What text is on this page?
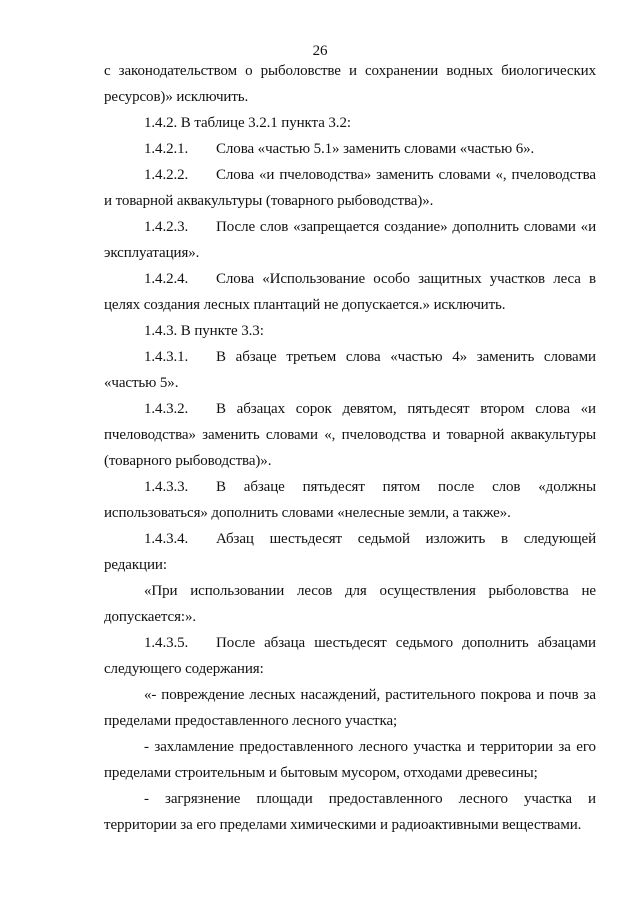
26
с законодательством о рыболовстве и сохранении водных биологических
ресурсов)» исключить.
1.4.2. В таблице 3.2.1 пункта 3.2:
1.4.2.1.	Слова «частью 5.1» заменить словами «частью 6».
1.4.2.2.	Слова «и пчеловодства» заменить словами «, пчеловодства
и товарной аквакультуры (товарного рыбоводства)».
1.4.2.3.	После слов «запрещается создание» дополнить словами «и
эксплуатация».
1.4.2.4.	Слова «Использование особо защитных участков леса в
целях создания лесных плантаций не допускается.» исключить.
1.4.3. В пункте 3.3:
1.4.3.1.	В абзаце третьем слова «частью 4» заменить словами
«частью 5».
1.4.3.2.	В абзацах сорок девятом, пятьдесят втором слова «и
пчеловодства» заменить словами «, пчеловодства и товарной аквакультуры
(товарного рыбоводства)».
1.4.3.3.	В абзаце пятьдесят пятом после слов «должны
использоваться» дополнить словами «нелесные земли, а также».
1.4.3.4.	Абзац шестьдесят седьмой изложить в следующей
редакции:
«При использовании лесов для осуществления рыболовства не
допускается:».
1.4.3.5.	После абзаца шестьдесят седьмого дополнить абзацами
следующего содержания:
«- повреждение лесных насаждений, растительного покрова и почв за
пределами предоставленного лесного участка;
- захламление предоставленного лесного участка и территории за его
пределами строительным и бытовым мусором, отходами древесины;
- загрязнение площади предоставленного лесного участка и
территории за его пределами химическими и радиоактивными веществами.
